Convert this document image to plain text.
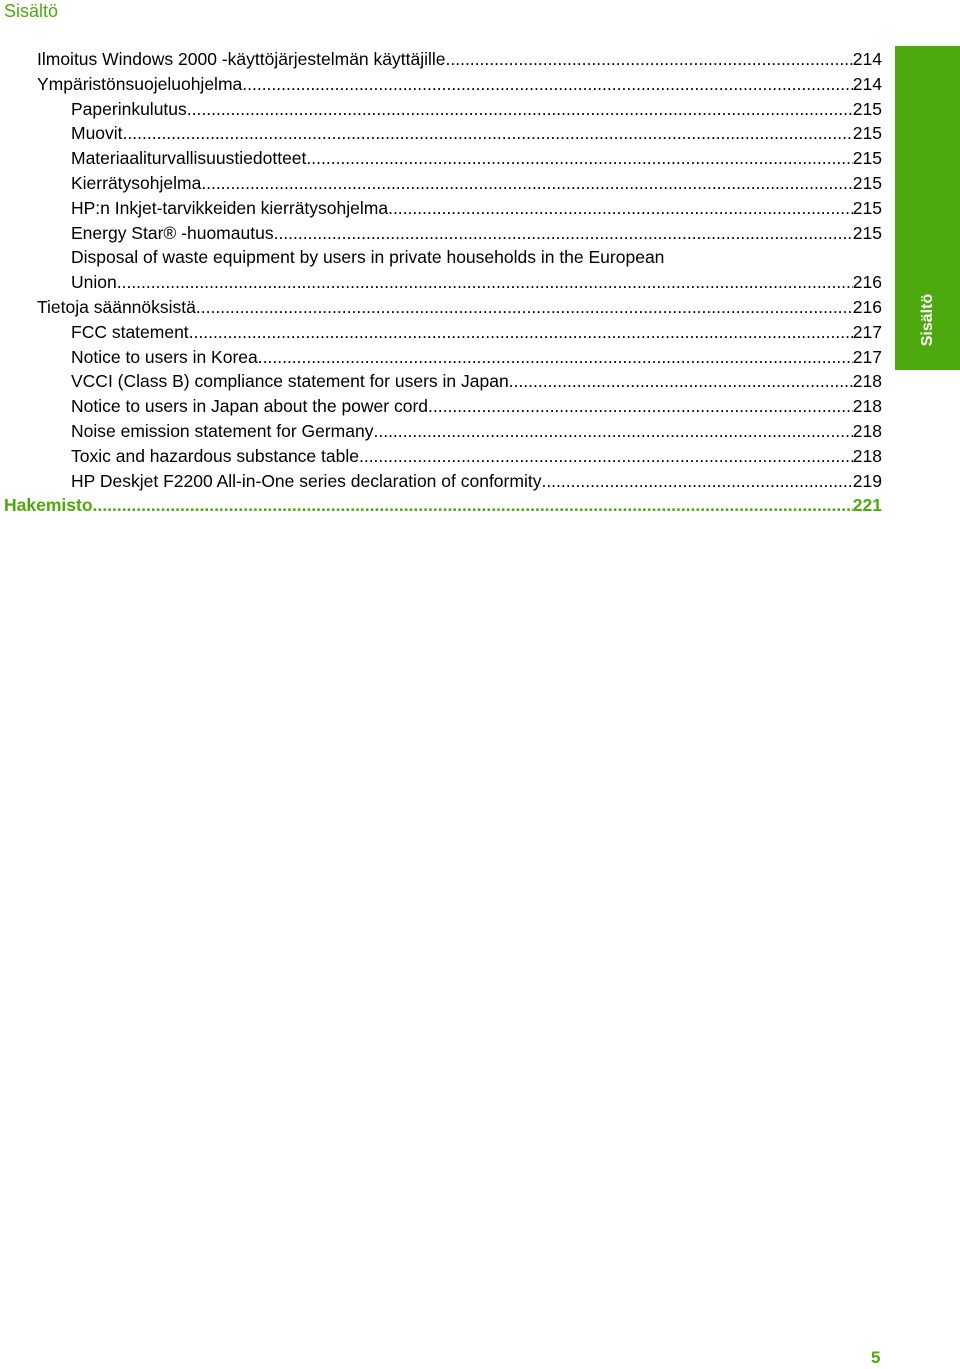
Sisältö
Sisältö
Ilmoitus Windows 2000 -käyttöjärjestelmän käyttäjille .....	214
Ympäristönsuojeluohjelma .....	214
Paperinkulutus .....	215
Muovit .....	215
Materiaaliturvallisuustiedotteet .....	215
Kierrätysohjelma .....	215
HP:n Inkjet-tarvikkeiden kierrätysohjelma .....	215
Energy Star® -huomautus .....	215
Disposal of waste equipment by users in private households in the European
Union .....	216
Tietoja säännöksistä .....	216
FCC statement .....	217
Notice to users in Korea .....	217
VCCI (Class B) compliance statement for users in Japan .....	218
Notice to users in Japan about the power cord .....	218
Noise emission statement for Germany .....	218
Toxic and hazardous substance table .....	218
HP Deskjet F2200 All-in-One series declaration of conformity .....	219
Hakemisto .....	221
5
